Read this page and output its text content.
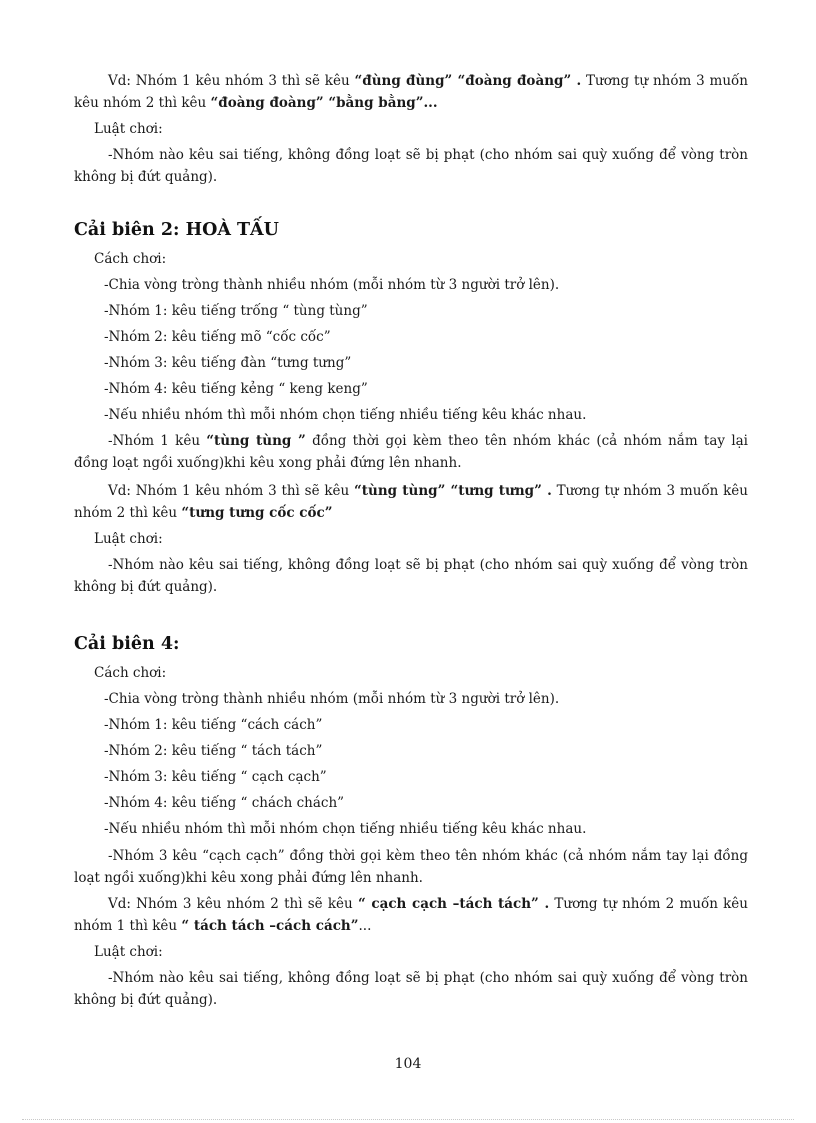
Vd: Nhóm 1 kêu nhóm 3 thì sẽ kêu “đùng đùng” “đoàng đoàng” . Tương tự nhóm 3 muốn kêu nhóm 2 thì kêu “đoàng đoàng” “bằng bằng”...

Luật chơi:

-Nhóm nào kêu sai tiếng, không đồng loạt sẽ bị phạt (cho nhóm sai quỳ xuống để vòng tròn không bị đứt quảng).

Cải biên 2: HOÀ TẤU

Cách chơi:

-Chia vòng tròng thành nhiều nhóm (mỗi nhóm từ 3 người trở lên).

-Nhóm 1: kêu tiếng trống “ tùng tùng”

-Nhóm 2: kêu tiếng mõ “cốc cốc”

-Nhóm 3: kêu tiếng đàn “tưng tưng”

-Nhóm 4: kêu tiếng kẻng “ keng keng”

-Nếu nhiều nhóm thì mỗi nhóm chọn tiếng nhiều tiếng kêu khác nhau.

-Nhóm 1 kêu “tùng tùng ” đồng thời gọi kèm theo tên nhóm khác (cả nhóm nắm tay lại đồng loạt ngồi xuống)khi kêu xong phải đứng lên nhanh.

Vd: Nhóm 1 kêu nhóm 3 thì sẽ kêu “tùng tùng” “tưng tưng” . Tương tự nhóm 3 muốn kêu nhóm 2 thì kêu “tưng tưng cốc cốc”

Luật chơi:

-Nhóm nào kêu sai tiếng, không đồng loạt sẽ bị phạt (cho nhóm sai quỳ xuống để vòng tròn không bị đứt quảng).

Cải biên 4:

Cách chơi:

-Chia vòng tròng thành nhiều nhóm (mỗi nhóm từ 3 người trở lên).

-Nhóm 1: kêu tiếng “cách cách”

-Nhóm 2: kêu tiếng “ tách tách”

-Nhóm 3: kêu tiếng “ cạch cạch”

-Nhóm 4: kêu tiếng “ chách chách”

-Nếu nhiều nhóm thì mỗi nhóm chọn tiếng nhiều tiếng kêu khác nhau.

-Nhóm 3 kêu “cạch cạch” đồng thời gọi kèm theo tên nhóm khác (cả nhóm nắm tay lại đồng loạt ngồi xuống)khi kêu xong phải đứng lên nhanh.

Vd: Nhóm 3 kêu nhóm 2 thì sẽ kêu “ cạch cạch –tách tách” . Tương tự nhóm 2 muốn kêu nhóm 1 thì kêu “ tách tách –cách cách”...

Luật chơi:

-Nhóm nào kêu sai tiếng, không đồng loạt sẽ bị phạt (cho nhóm sai quỳ xuống để vòng tròn không bị đứt quảng).

104
